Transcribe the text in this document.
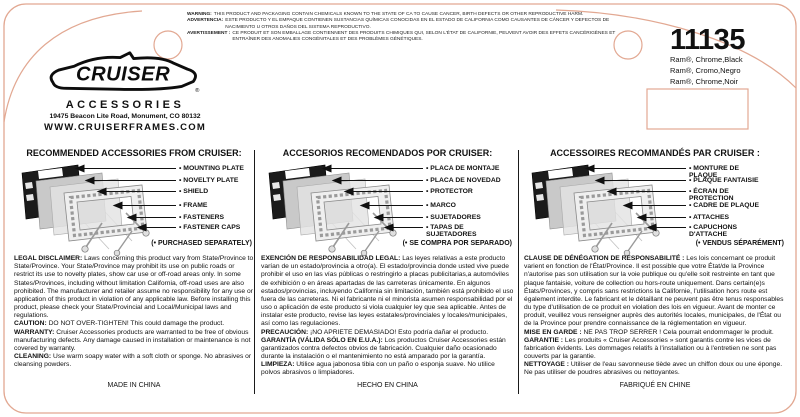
WARNING: THIS PRODUCT AND PACKAGING CONTAIN CHEMICALS KNOWN TO THE STATE OF CA TO CAUSE CANCER, BIRTH DEFECTS OR OTHER REPRODUCTIVE HARM.
ADVERTENCIA: ESTE PRODUCTO Y EL EMPAQUE CONTIENEN SUSTANCIAS QUÍMICAS CONOCIDAS EN EL ESTADO DE CALIFORNIA COMO CAUSANTES DE CÁNCER Y DEFECTOS DE NACIMIENTO U OTROS DAÑOS DEL SISTEMA REPRODUCTIVO.
AVERTISSEMENT : CE PRODUIT ET SON EMBALLAGE CONTIENNENT DES PRODUITS CHIMIQUES QUI, SELON L'ÉTAT DE CALIFORNIE, PEUVENT AVOIR DES EFFETS CANCÉRIGÈNES ET ENTRAÎNER DES ANOMALIES CONGÉNITALES ET DES PROBLÈMES GÉNÉTIQUES.
CRUISER
®
ACCESSORIES
19475 Beacon Lite Road, Monument, CO 80132
WWW.CRUISERFRAMES.COM
11135
Ram®, Chrome,Black
Ram®, Cromo,Negro
Ram®, Chrome,Noir
RECOMMENDED ACCESSORIES FROM CRUISER:
• MOUNTING PLATE
• NOVELTY PLATE
• SHIELD
• FRAME
• FASTENERS
• FASTENER CAPS
(• PURCHASED SEPARATELY)

LEGAL DISCLAIMER: Laws concerning this product vary from State/Province to State/Province. Your State/Province may prohibit its use on public roads or restrict its use to novelty plates, show car use or off-road areas only. In some States/Provinces, including without limitation California, off-road uses are also prohibited. The manufacturer and retailer assume no responsibility for any use or application of this product in violation of any applicable law. Before installing this product, please check your State/Provincial and Local/Municipal laws and regulations.

CAUTION: DO NOT OVER-TIGHTEN! This could damage the product.

WARRANTY: Cruiser Accessories products are warranted to be free of obvious manufacturing defects. Any damage caused in installation or maintenance is not covered by warranty.

CLEANING: Use warm soapy water with a soft cloth or sponge. No abrasives or cleansing powders.

MADE IN CHINA
ACCESORIOS RECOMENDADOS POR CRUISER:
• PLACA DE MONTAJE
• PLACA DE NOVEDAD
• PROTECTOR
• MARCO
• SUJETADORES
• TAPAS DE SUJETADORES
(• SE COMPRA POR SEPARADO)

EXENCIÓN DE RESPONSABILIDAD LEGAL: Las leyes relativas a este producto varían de un estado/provincia a otro(a). El estado/provincia donde usted vive puede prohibir el uso en las vías públicas o restringirlo a placas publicitarias,a automóviles de exhibición o en áreas apartadas de las carreteras únicamente. En algunos estados/provincias, incluyendo California sin limitación, también está prohibido el uso fuera de las carreteras. Ni el fabricante ni el minorista asumen responsabilidad por el uso o aplicación de este producto si viola cualquier ley que sea aplicable. Antes de instalar este producto, revise las leyes estatales/provinciales y locales/municipales, así como las regulaciones.

PRECAUCIÓN: ¡NO APRIETE DEMASIADO! Esto podría dañar el producto.

GARANTÍA (VÁLIDA SÓLO EN E.U.A.): Los productos Cruiser Accessories están garantizados contra defectos obvios de fabricación. Cualquier daño ocasionado durante la instalación o el mantenimiento no está amparado por la garantía.

LIMPIEZA: Utilice agua jabonosa tibia con un paño o esponja suave. No utilice polvos abrasivos o limpiadores.

HECHO EN CHINA
ACCESSOIRES RECOMMANDÉS PAR CRUISER :
• MONTURE DE PLAQUE
• PLAQUE FANTAISIE
• ÉCRAN DE PROTECTION
• CADRE DE PLAQUE
• ATTACHES
• CAPUCHONS D'ATTACHE
(• VENDUS SÉPARÉMENT)

CLAUSE DE DÉNÉGATION DE RESPONSABILITÉ : Les lois concernant ce produit varient en fonction de l'État/Province. Il est possible que votre État/de la Province n'autorise pas son utilisation sur la voie publique ou qu'elle soit restreinte en tant que plaque fantaisie, voiture de collection ou hors-route uniquement. Dans certain(e)s États/Provinces, y compris sans restrictions la Californie, l'utilisation hors route est également interdite. Le fabricant et le détaillant ne peuvent pas être tenus responsables du type d'utilisation de ce produit en violation des lois en vigueur. Avant de monter ce produit, veuillez vous renseigner auprès des autorités locales, municipales, de l'État ou de la Province pour prendre connaissance de la réglementation en vigueur.

MISE EN GARDE : NE PAS TROP SERRER ! Cela pourrait endommager le produit.

GARANTIE : Les produits « Cruiser Accessories » sont garantis contre les vices de fabrication évidents. Les dommages relatifs à l'installation ou à l'entretien ne sont pas couverts par la garantie.

NETTOYAGE : Utiliser de l'eau savonneuse tiède avec un chiffon doux ou une éponge. Ne pas utiliser de poudres abrasives ou nettoyantes.

FABRIQUÉ EN CHINE
